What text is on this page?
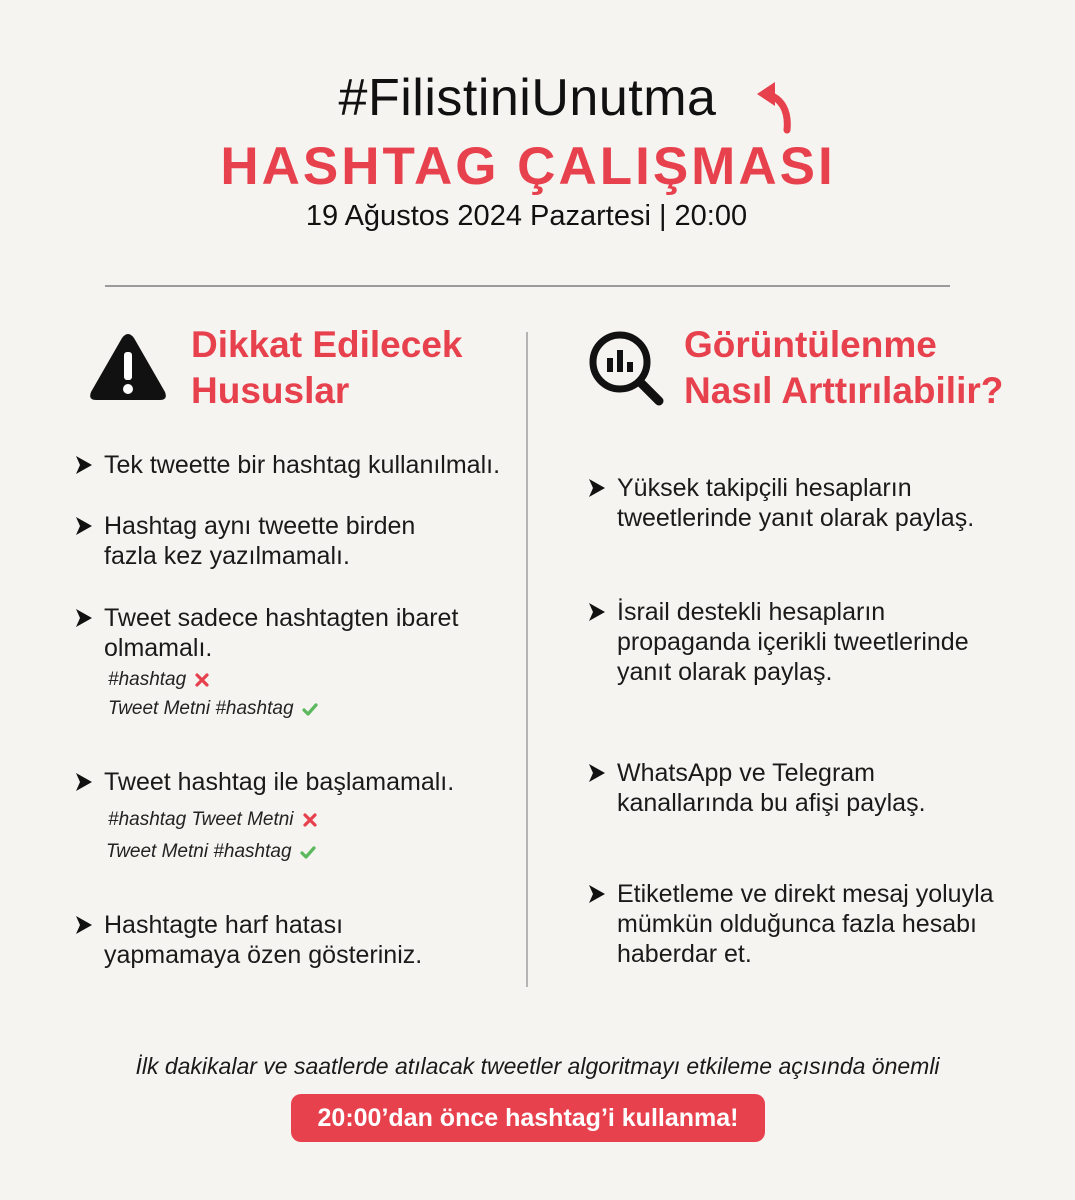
#FilistiniUnutma
HASHTAG ÇALIŞMASI
19 Ağustos 2024 Pazartesi | 20:00
Dikkat Edilecek
Hususlar
Görüntülenme
Nasıl Arttırılabilir?
Tek tweette bir hashtag kullanılmalı.
Hashtag aynı tweette birden
fazla kez yazılmamalı.
Tweet sadece hashtagten ibaret
olmamalı.
#hashtag
Tweet Metni #hashtag
Tweet hashtag ile başlamamalı.
#hashtag Tweet Metni
Tweet Metni #hashtag
Hashtagte harf hatası
yapmamaya özen gösteriniz.
Yüksek takipçili hesapların
tweetlerinde yanıt olarak paylaş.
İsrail destekli hesapların
propaganda içerikli tweetlerinde
yanıt olarak paylaş.
WhatsApp ve Telegram
kanallarında bu afişi paylaş.
Etiketleme ve direkt mesaj yoluyla
mümkün olduğunca fazla hesabı
haberdar et.
İlk dakikalar ve saatlerde atılacak tweetler algoritmayı etkileme açısında önemli
20:00’dan önce hashtag’i kullanma!
